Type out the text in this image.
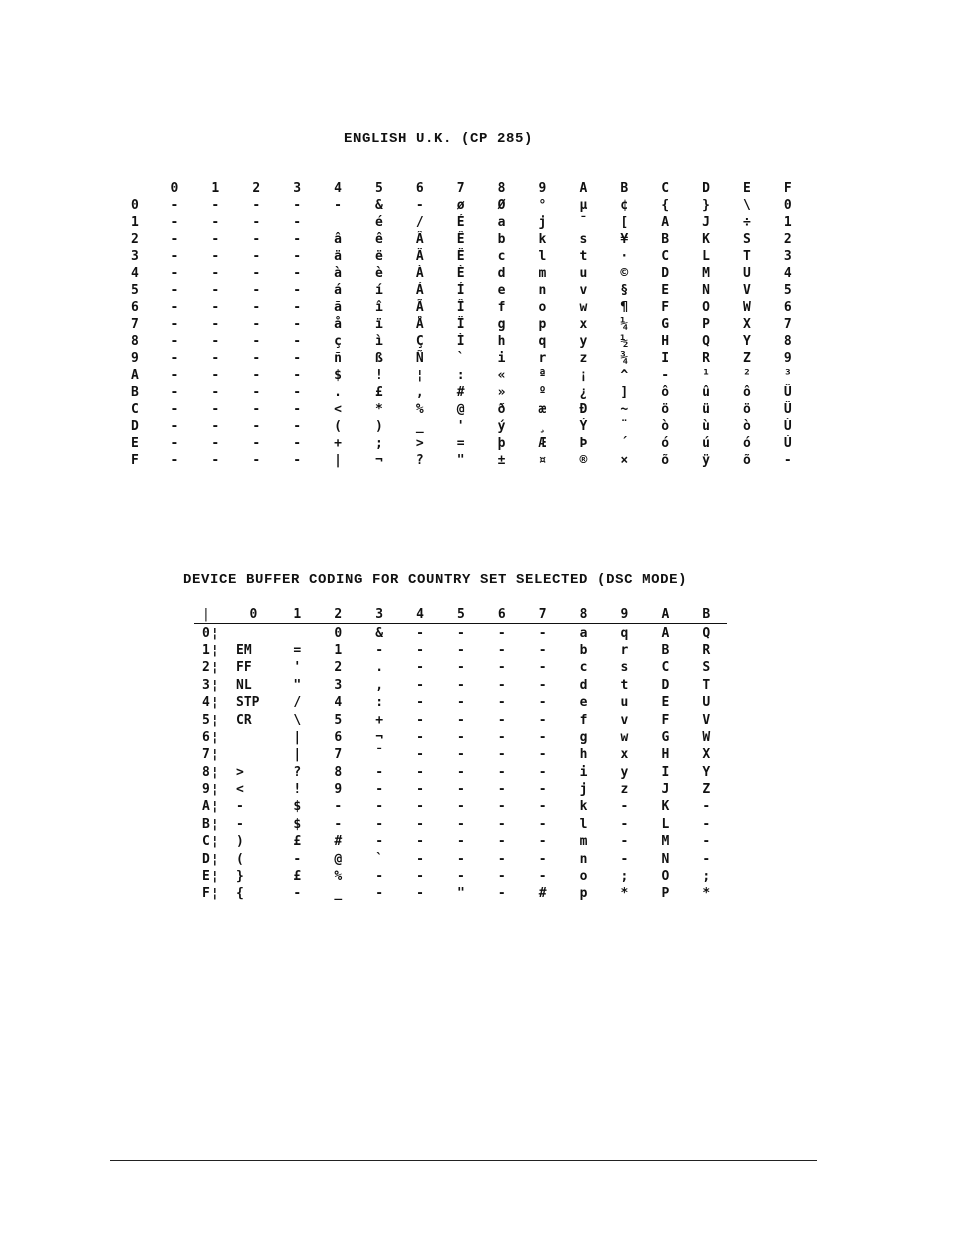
ENGLISH U.K. (CP 285)
	0	1	2	3	4	5	6	7	8	9	A	B	C	D	E	F
0	-	-	-	-	-	&	-	ø	Ø	°	µ	¢	{	}	\	0
1	-	-	-	-		é	/	É	a	j	¯	[	A	J	÷	1
2	-	-	-	-	â	ê	Â	Ê	b	k	s	¥	B	K	S	2
3	-	-	-	-	ä	ë	Ä	Ë	c	l	t	·	C	L	T	3
4	-	-	-	-	à	è	À	È	d	m	u	©	D	M	U	4
5	-	-	-	-	á	í	Á	Í	e	n	v	§	E	N	V	5
6	-	-	-	-	ã	î	Ã	Î	f	o	w	¶	F	O	W	6
7	-	-	-	-	å	ï	Å	Ï	g	p	x	¼	G	P	X	7
8	-	-	-	-	ç	ì	Ç	Ì	h	q	y	½	H	Q	Y	8
9	-	-	-	-	ñ	ß	Ñ	`	i	r	z	¾	I	R	Z	9
A	-	-	-	-	$	!	¦	:	«	ª	¡	^	-	¹	²	³
B	-	-	-	-	.	£	,	#	»	º	¿	]	ô	û	ô	Û
C	-	-	-	-	<	*	%	@	ð	æ	Ð	~	ö	ü	ö	Ü
D	-	-	-	-	(	)	_	'	ý	¸	Ý	¨	ò	ù	ò	Ù
E	-	-	-	-	+	;	>	=	þ	Æ	Þ	´	ó	ú	ó	Ú
F	-	-	-	-	|	¬	?	"	±	¤	®	×	õ	ÿ	õ	-
DEVICE BUFFER CODING FOR COUNTRY SET SELECTED (DSC MODE)
|	0	1	2	3	4	5	6	7	8	9	A	B
0 ¦			0	&	-	-	-	-	a	q	A	Q
1 ¦	EM	=	1	-	-	-	-	-	b	r	B	R
2 ¦	FF	'	2	.	-	-	-	-	c	s	C	S
3 ¦	NL	"	3	,	-	-	-	-	d	t	D	T
4 ¦	STP	/	4	:	-	-	-	-	e	u	E	U
5 ¦	CR	\	5	+	-	-	-	-	f	v	F	V
6 ¦		|	6	¬	-	-	-	-	g	w	G	W
7 ¦		|	7	¯	-	-	-	-	h	x	H	X
8 ¦	>	?	8	-	-	-	-	-	i	y	I	Y
9 ¦	<	!	9	-	-	-	-	-	j	z	J	Z
A ¦	-	$	-	-	-	-	-	-	k	-	K	-
B ¦	-	$	-	-	-	-	-	-	l	-	L	-
C ¦	)	£	#	-	-	-	-	-	m	-	M	-
D ¦	(	-	@	`	-	-	-	-	n	-	N	-
E ¦	}	£	%	-	-	-	-	-	o	;	O	;
F ¦	{	-	_	-	-	"	-	#	p	*	P	*
